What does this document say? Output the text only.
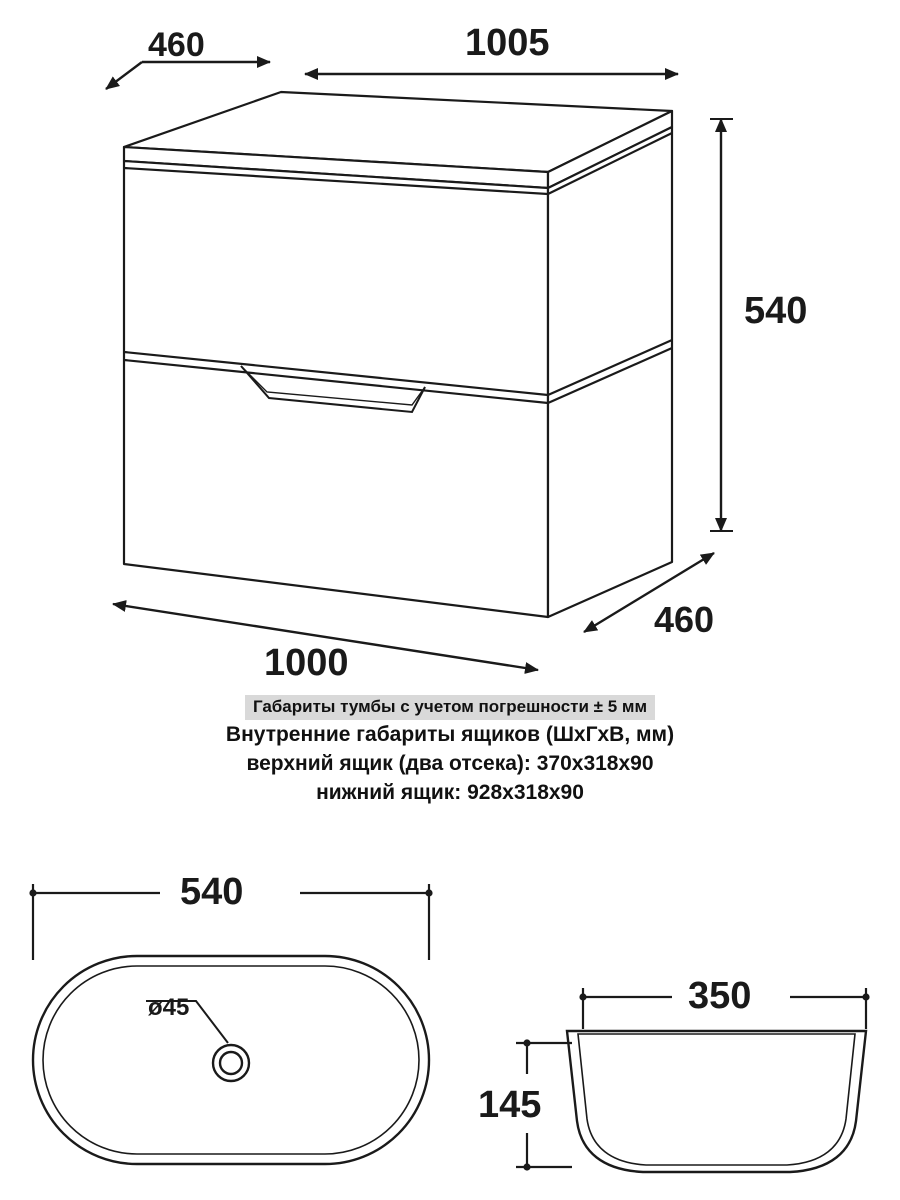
460	1005
540
460
1000
540
ø45	350
145
Габариты тумбы с учетом погрешности ± 5 мм
Внутренние габариты ящиков (ШхГхВ, мм)
верхний ящик (два отсека): 370х318х90
нижний ящик: 928х318х90
